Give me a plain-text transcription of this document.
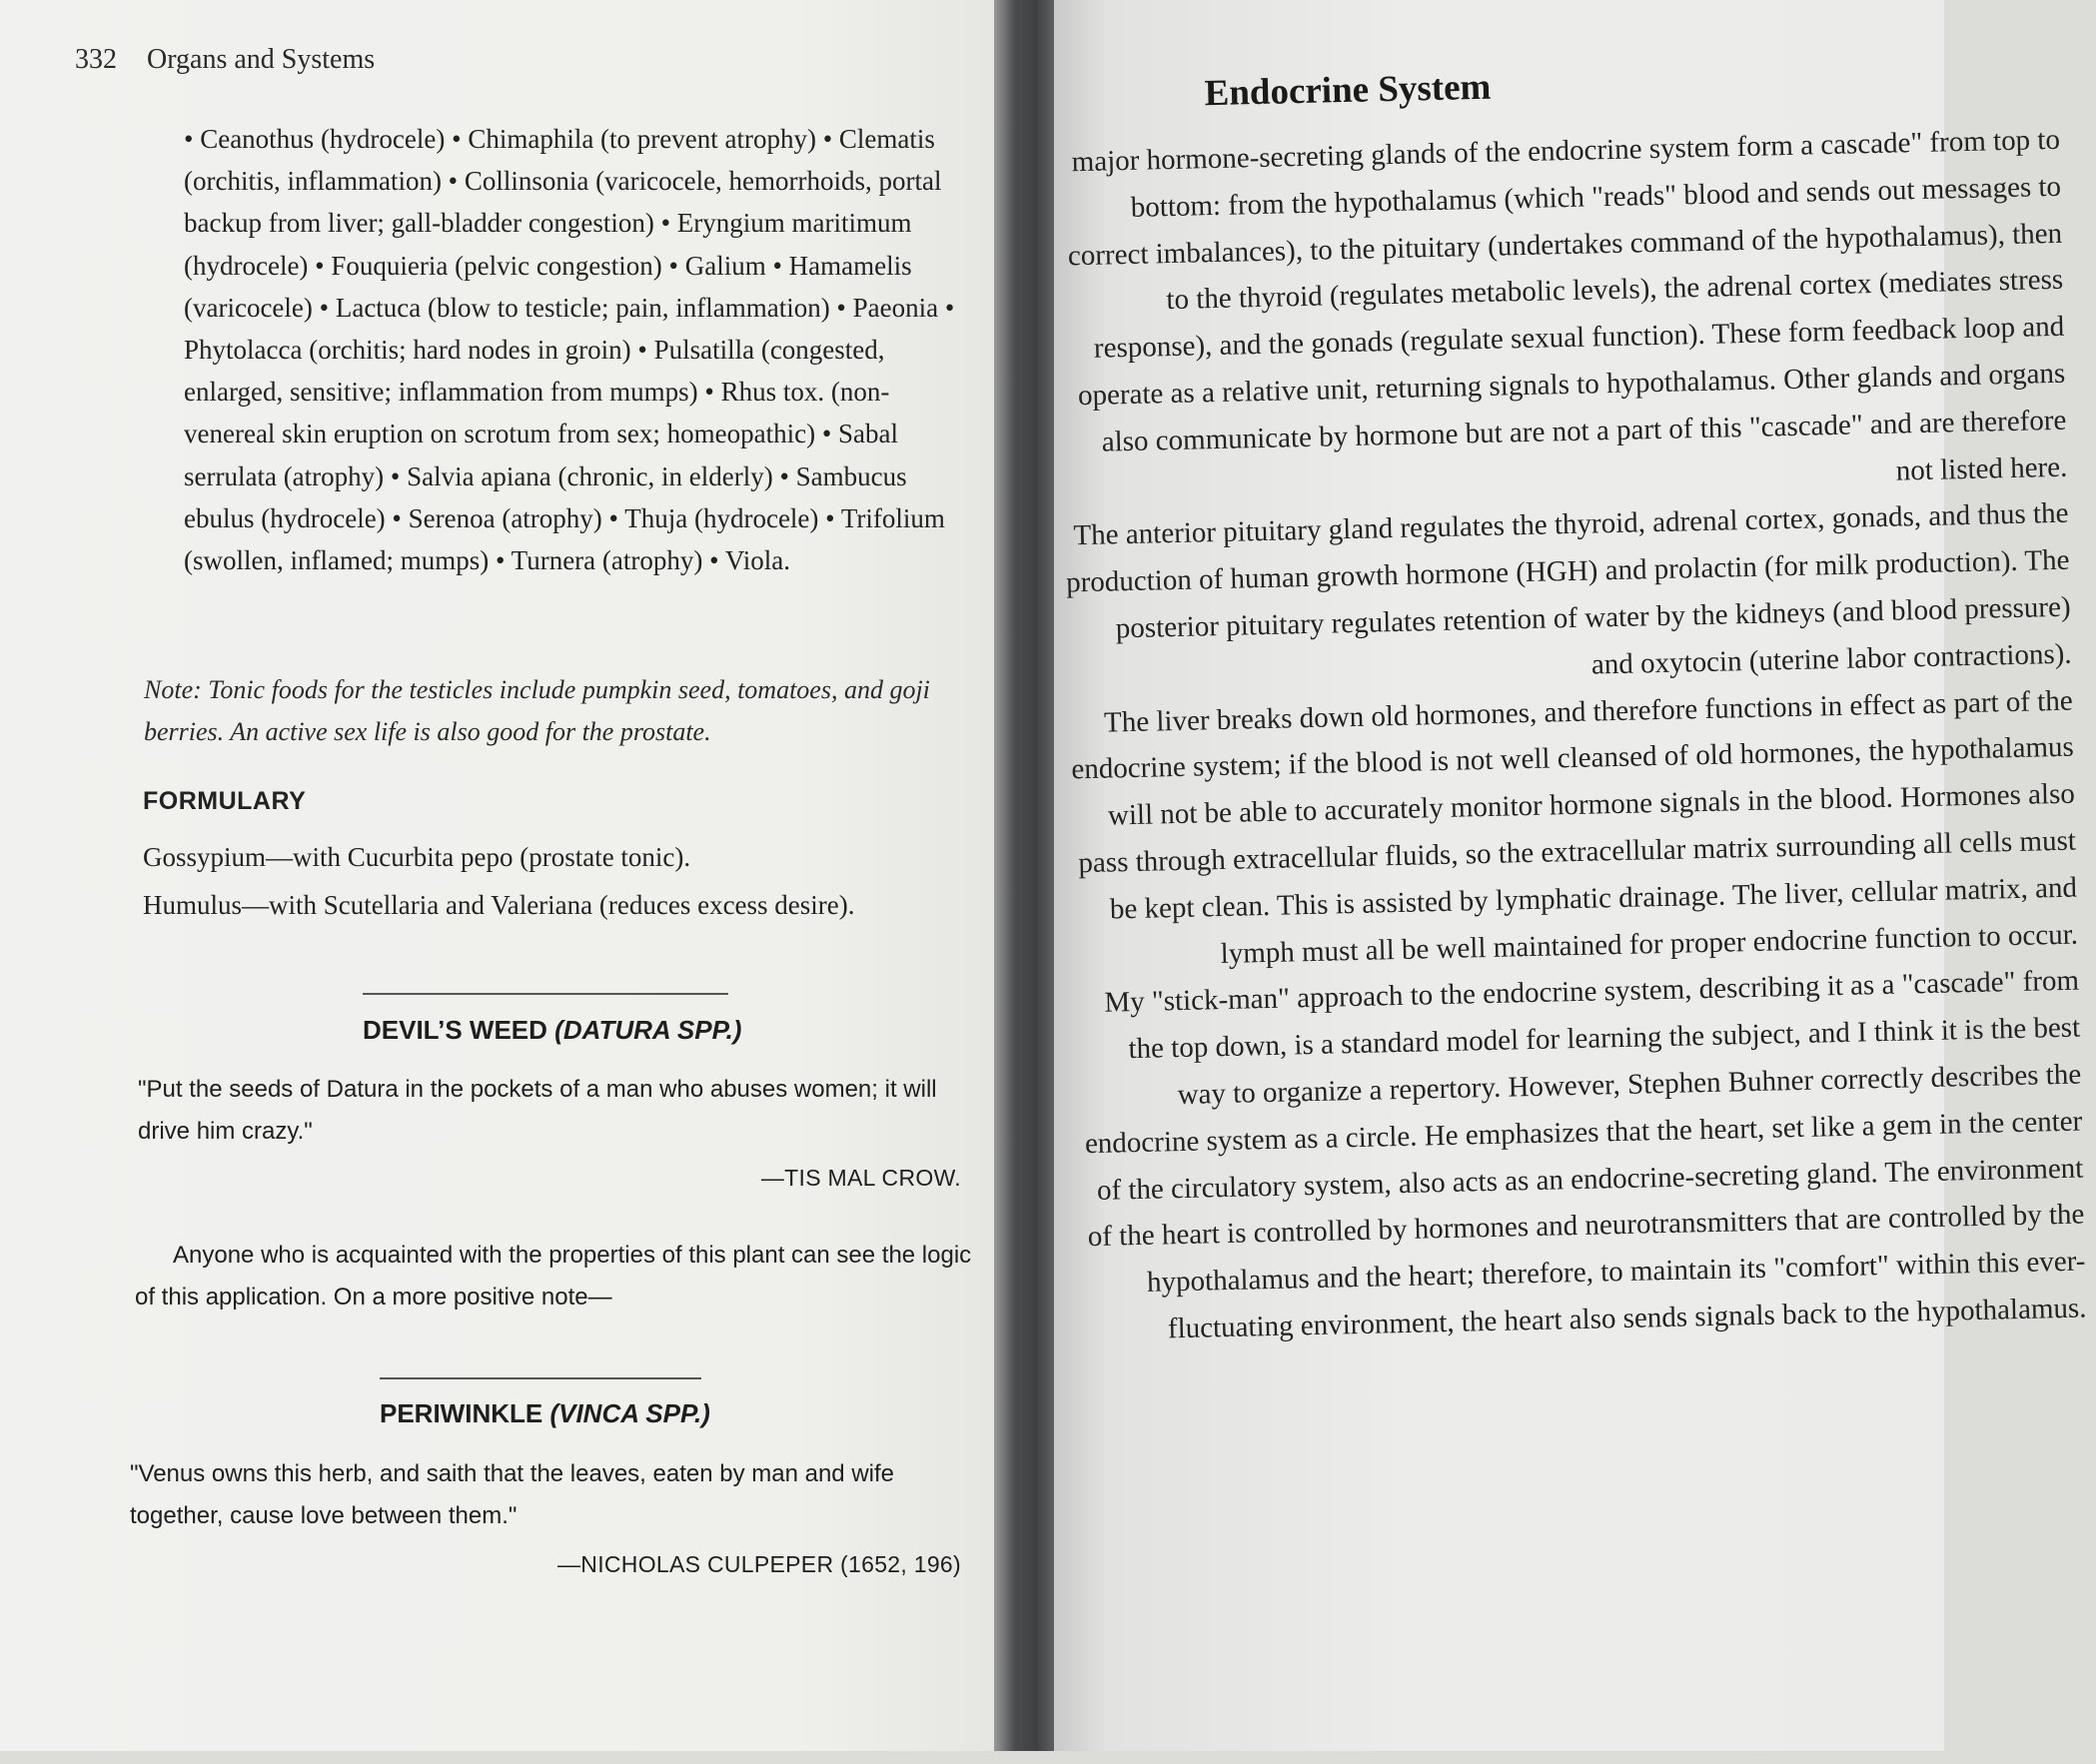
332 Organs and Systems

• Ceanothus (hydrocele) • Chimaphila (to prevent atrophy) • Clematis (orchitis, inflammation) • Collinsonia (varicocele, hemorrhoids, portal backup from liver; gall-bladder congestion) • Eryngium maritimum (hydrocele) • Fouquieria (pelvic congestion) • Galium • Hamamelis (varicocele) • Lactuca (blow to testicle; pain, inflammation) • Paeonia • Phytolacca (orchitis; hard nodes in groin) • Pulsatilla (congested, enlarged, sensitive; inflammation from mumps) • Rhus tox. (non-venereal skin eruption on scrotum from sex; homeopathic) • Sabal serrulata (atrophy) • Salvia apiana (chronic, in elderly) • Sambucus ebulus (hydrocele) • Serenoa (atrophy) • Thuja (hydrocele) • Trifolium (swollen, inflamed; mumps) • Turnera (atrophy) • Viola.

Note: Tonic foods for the testicles include pumpkin seed, tomatoes, and goji berries. An active sex life is also good for the prostate.
FORMULARY
Gossypium—with Cucurbita pepo (prostate tonic).
Humulus—with Scutellaria and Valeriana (reduces excess desire).
DEVIL’S WEED (DATURA SPP.)
"Put the seeds of Datura in the pockets of a man who abuses women; it will drive him crazy."
—TIS MAL CROW.
Anyone who is acquainted with the properties of this plant can see the logic of this application. On a more positive note—
PERIWINKLE (VINCA SPP.)
"Venus owns this herb, and saith that the leaves, eaten by man and wife together, cause love between them."
—NICHOLAS CULPEPER (1652, 196)
Endocrine System

major hormone-secreting glands of the endocrine system form a cascade" from top to bottom: from the hypothalamus (which "reads" blood and sends out messages to correct imbalances), to the pituitary (undertakes command of the hypothalamus), then to the thyroid (regulates metabolic levels), the adrenal cortex (mediates stress response), and the gonads (regulate sexual function). These form feedback loop and operate as a relative unit, returning signals to hypothalamus. Other glands and organs also communicate by hormone but are not a part of this "cascade" and are therefore not listed here.

The anterior pituitary gland regulates the thyroid, adrenal cortex, gonads, and thus the production of human growth hormone (HGH) and prolactin (for milk production). The posterior pituitary regulates retention of water by the kidneys (and blood pressure) and oxytocin (uterine labor contractions).

The liver breaks down old hormones, and therefore functions in effect as part of the endocrine system; if the blood is not well cleansed of old hormones, the hypothalamus will not be able to accurately monitor hormone signals in the blood. Hormones also pass through extracellular fluids, so the extracellular matrix surrounding all cells must be kept clean. This is assisted by lymphatic drainage. The liver, cellular matrix, and lymph must all be well maintained for proper endocrine function to occur.

My "stick-man" approach to the endocrine system, describing it as a "cascade" from the top down, is a standard model for learning the subject, and I think it is the best way to organize a repertory. However, Stephen Buhner correctly describes the endocrine system as a circle. He emphasizes that the heart, set like a gem in the center of the circulatory system, also acts as an endocrine-secreting gland. The environment of the heart is controlled by hormones and neurotransmitters that are controlled by the hypothalamus and the heart; therefore, to maintain its "comfort" within this ever-fluctuating environment, the heart also sends signals back to the hypothalamus.
